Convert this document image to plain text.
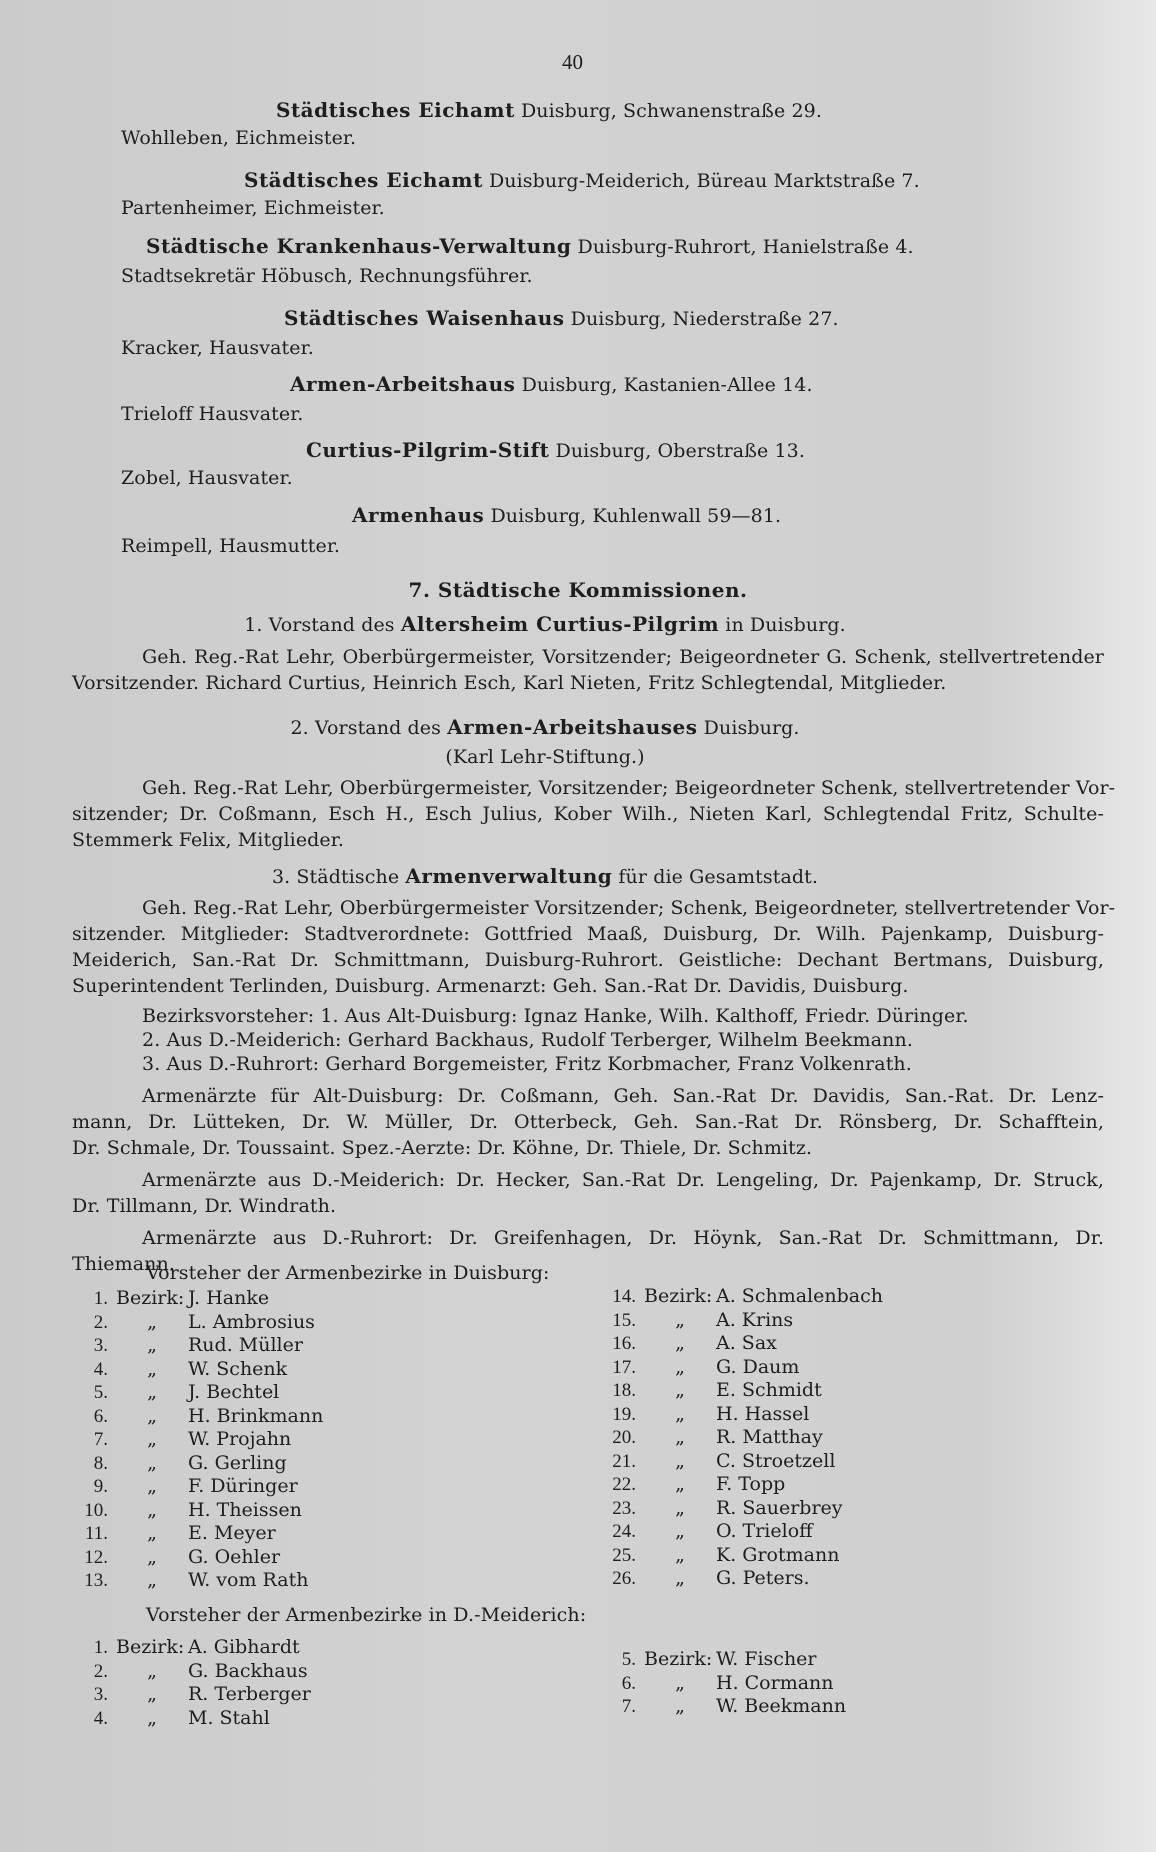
40
Städtisches Eichamt Duisburg, Schwanenstraße 29.
Wohlleben, Eichmeister.
Städtisches Eichamt Duisburg-Meiderich, Büreau Marktstraße 7.
Partenheimer, Eichmeister.
Städtische Krankenhaus-Verwaltung Duisburg-Ruhrort, Hanielstraße 4.
Stadtsekretär Höbusch, Rechnungsführer.
Städtisches Waisenhaus Duisburg, Niederstraße 27.
Kracker, Hausvater.
Armen-Arbeitshaus Duisburg, Kastanien-Allee 14.
Trieloff Hausvater.
Curtius-Pilgrim-Stift Duisburg, Oberstraße 13.
Zobel, Hausvater.
Armenhaus Duisburg, Kuhlenwall 59—81.
Reimpell, Hausmutter.
7. Städtische Kommissionen.
1. Vorstand des Altersheim Curtius-Pilgrim in Duisburg.
Geh. Reg.-Rat Lehr, Oberbürgermeister, Vorsitzender; Beigeordneter G. Schenk, stellvertretender
Vorsitzender. Richard Curtius, Heinrich Esch, Karl Nieten, Fritz Schlegtendal, Mitglieder.
2. Vorstand des Armen-Arbeitshauses Duisburg.
(Karl Lehr-Stiftung.)
Geh. Reg.-Rat Lehr, Oberbürgermeister, Vorsitzender; Beigeordneter Schenk, stellvertretender Vor-
sitzender; Dr. Coßmann, Esch H., Esch Julius, Kober Wilh., Nieten Karl, Schlegtendal Fritz, Schulte-
Stemmerk Felix, Mitglieder.
3. Städtische Armenverwaltung für die Gesamtstadt.
Geh. Reg.-Rat Lehr, Oberbürgermeister Vorsitzender; Schenk, Beigeordneter, stellvertretender Vor-
sitzender. Mitglieder: Stadtverordnete: Gottfried Maaß, Duisburg, Dr. Wilh. Pajenkamp, Duisburg-
Meiderich, San.-Rat Dr. Schmittmann, Duisburg-Ruhrort. Geistliche: Dechant Bertmans, Duisburg,
Superintendent Terlinden, Duisburg. Armenarzt: Geh. San.-Rat Dr. Davidis, Duisburg.
Bezirksvorsteher: 1. Aus Alt-Duisburg: Ignaz Hanke, Wilh. Kalthoff, Friedr. Düringer.
2. Aus D.-Meiderich: Gerhard Backhaus, Rudolf Terberger, Wilhelm Beekmann.
3. Aus D.-Ruhrort: Gerhard Borgemeister, Fritz Korbmacher, Franz Volkenrath.
Armenärzte für Alt-Duisburg: Dr. Coßmann, Geh. San.-Rat Dr. Davidis, San.-Rat. Dr. Lenz-
mann, Dr. Lütteken, Dr. W. Müller, Dr. Otterbeck, Geh. San.-Rat Dr. Rönsberg, Dr. Schafftein,
Dr. Schmale, Dr. Toussaint. Spez.-Aerzte: Dr. Köhne, Dr. Thiele, Dr. Schmitz.
Armenärzte aus D.-Meiderich: Dr. Hecker, San.-Rat Dr. Lengeling, Dr. Pajenkamp, Dr. Struck,
Dr. Tillmann, Dr. Windrath.
Armenärzte aus D.-Ruhrort: Dr. Greifenhagen, Dr. Höynk, San.-Rat Dr. Schmittmann, Dr.
Thiemann.
Vorsteher der Armenbezirke in Duisburg:
1. Bezirk: J. Hanke
2.	„	L. Ambrosius
3.	„	Rud. Müller
4.	„	W. Schenk
5.	„	J. Bechtel
6.	„	H. Brinkmann
7.	„	W. Projahn
8.	„	G. Gerling
9.	„	F. Düringer
10.	„	H. Theissen
11.	„	E. Meyer
12.	„	G. Oehler
13.	„	W. vom Rath
14. Bezirk: A. Schmalenbach
15.	„	A. Krins
16.	„	A. Sax
17.	„	G. Daum
18.	„	E. Schmidt
19.	„	H. Hassel
20.	„	R. Matthay
21.	„	C. Stroetzell
22.	„	F. Topp
23.	„	R. Sauerbrey
24.	„	O. Trieloff
25.	„	K. Grotmann
26.	„	G. Peters.
Vorsteher der Armenbezirke in D.-Meiderich:
1. Bezirk: A. Gibhardt
2.	„	G. Backhaus
3.	„	R. Terberger
4.	„	M. Stahl
5. Bezirk: W. Fischer
6.	„	H. Cormann
7.	„	W. Beekmann
